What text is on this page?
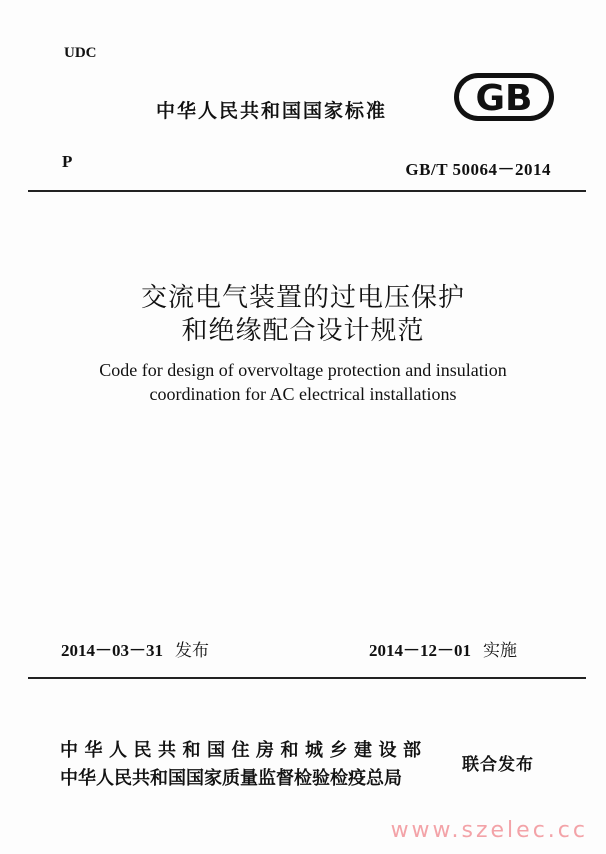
UDC
中华人民共和国国家标准 GB
P	GB/T 50064－2014
交流电气装置的过电压保护
和绝缘配合设计规范
Code for design of overvoltage protection and insulation
coordination for AC electrical installations
2014－03－31 发布	2014－12－01 实施
中华人民共和国住房和城乡建设部
中华人民共和国国家质量监督检验检疫总局
联合发布
www.szelec.cc
